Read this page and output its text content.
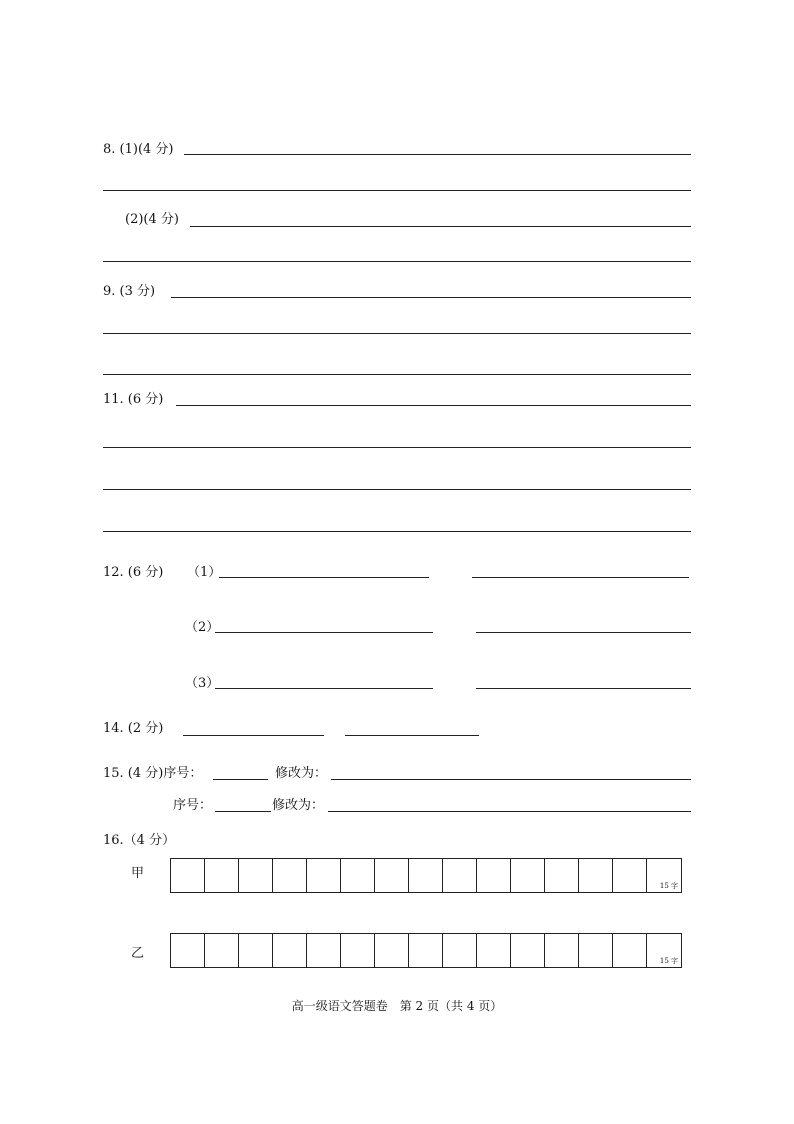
8. (1)(4 分)
(2)(4 分)
9. (3 分)
11. (6 分)
12. (6 分) （1）
（2）
（3）
14. (2 分)
15. (4 分)序号：	修改为：
序号：	修改为：
16.（4 分）
甲
15 字
乙	15 字
高一级语文答题卷　第 2 页（共 4 页）
